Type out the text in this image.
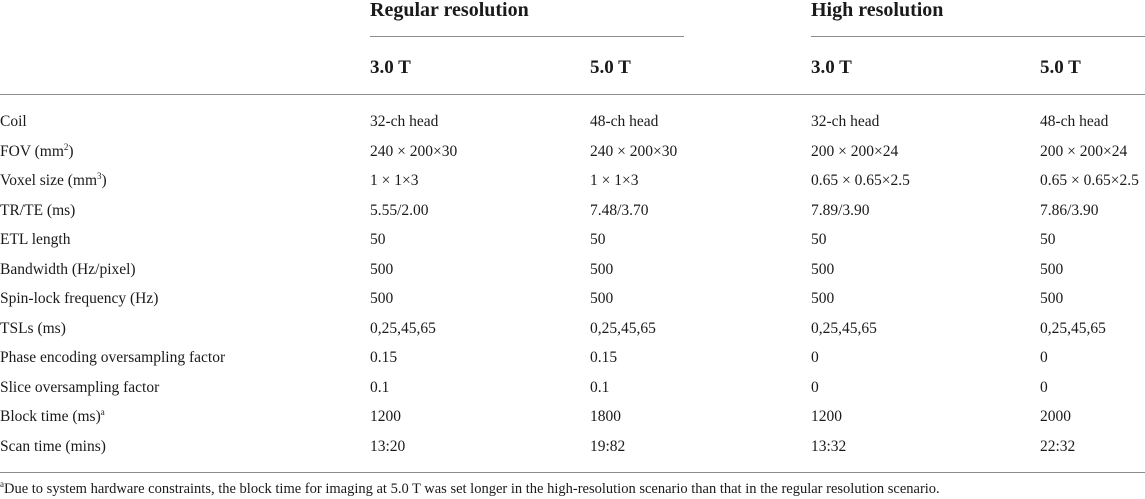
Regular resolution	High resolution
3.0 T	5.0 T	3.0 T	5.0 T
Coil	32-ch head	48-ch head	32-ch head	48-ch head
FOV $(mm^2)$	240 × 200×30	240 × 200×30	200 × 200×24	200 × 200×24
Voxel size $(mm^3)$	1 × 1×3	1 × 1×3	0.65 × 0.65×2.5	0.65 × 0.65×2.5
TR/TE (ms)	5.55/2.00	7.48/3.70	7.89/3.90	7.86/3.90
ETL length	50	50	50	50
Bandwidth (Hz/pixel)	500	500	500	500
Spin-lock frequency (Hz)	500	500	500	500
TSLs (ms)	0,25,45,65	0,25,45,65	0,25,45,65	0,25,45,65
Phase encoding oversampling factor	0.15	0.15	0	0
Slice oversampling factor	0.1	0.1	0	0
Block time (ms)$^a$	1200	1800	1200	2000
Scan time (mins)	13:20	19:82	13:32	22:32
$^a$Due to system hardware constraints, the block time for imaging at 5.0 T was set longer in the high-resolution scenario than that in the regular resolution scenario.
